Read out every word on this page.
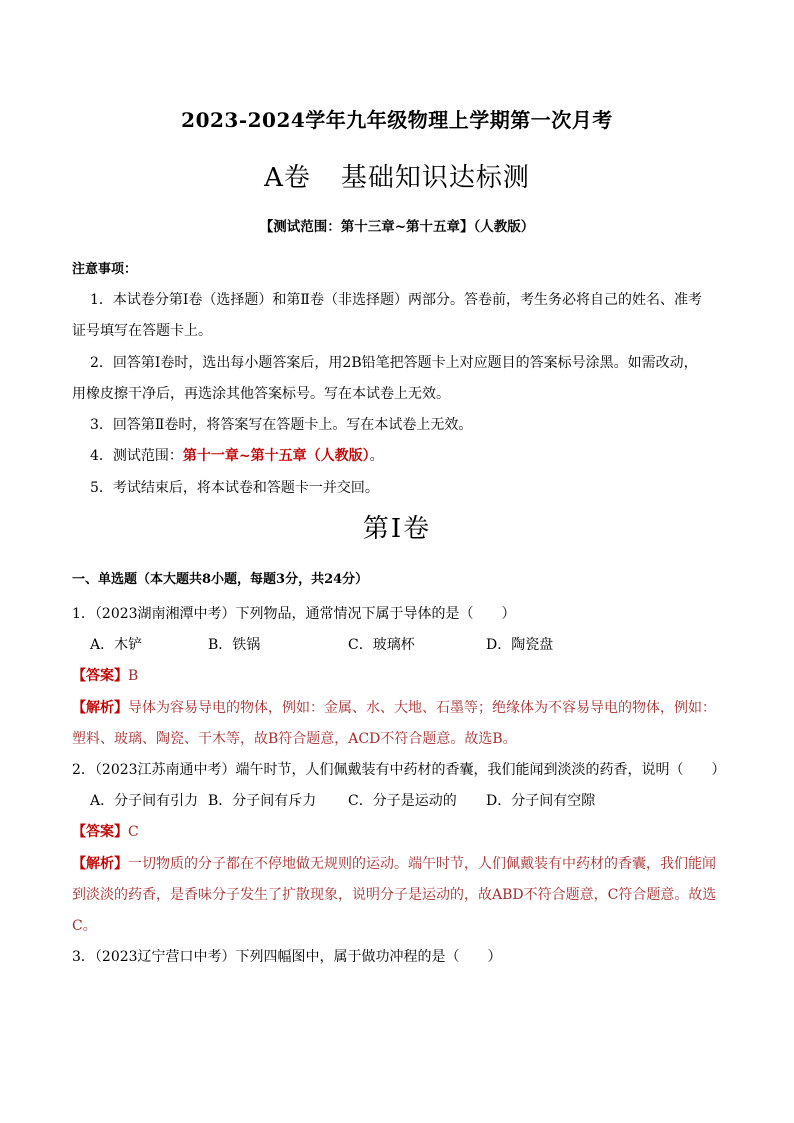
2023-2024学年九年级物理上学期第一次月考
A卷 基础知识达标测
【测试范围：第十三章~第十五章】（人教版）
注意事项：
1．本试卷分第Ⅰ卷（选择题）和第Ⅱ卷（非选择题）两部分。答卷前，考生务必将自己的姓名、准考
证号填写在答题卡上。
2．回答第Ⅰ卷时，选出每小题答案后，用2B铅笔把答题卡上对应题目的答案标号涂黑。如需改动，
用橡皮擦干净后，再选涂其他答案标号。写在本试卷上无效。
3．回答第Ⅱ卷时，将答案写在答题卡上。写在本试卷上无效。
4．测试范围：第十一章~第十五章（人教版）。
5．考试结束后，将本试卷和答题卡一并交回。
第Ⅰ卷
一、单选题（本大题共8小题，每题3分，共24分）
1．（2023湖南湘潭中考）下列物品，通常情况下属于导体的是（　　）
A．木铲	B．铁锅	C．玻璃杯	D．陶瓷盘
【答案】B
【解析】导体为容易导电的物体，例如：金属、水、大地、石墨等；绝缘体为不容易导电的物体，例如：
塑料、玻璃、陶瓷、干木等，故B符合题意，ACD不符合题意。故选B。
2．（2023江苏南通中考）端午时节，人们佩戴装有中药材的香囊，我们能闻到淡淡的药香，说明（　　）
A．分子间有引力 B．分子间有斥力 C．分子是运动的 D．分子间有空隙
【答案】C
【解析】一切物质的分子都在不停地做无规则的运动。端午时节，人们佩戴装有中药材的香囊，我们能闻
到淡淡的药香，是香味分子发生了扩散现象，说明分子是运动的，故ABD不符合题意，C符合题意。故选
C。
3．（2023辽宁营口中考）下列四幅图中，属于做功冲程的是（　　）
